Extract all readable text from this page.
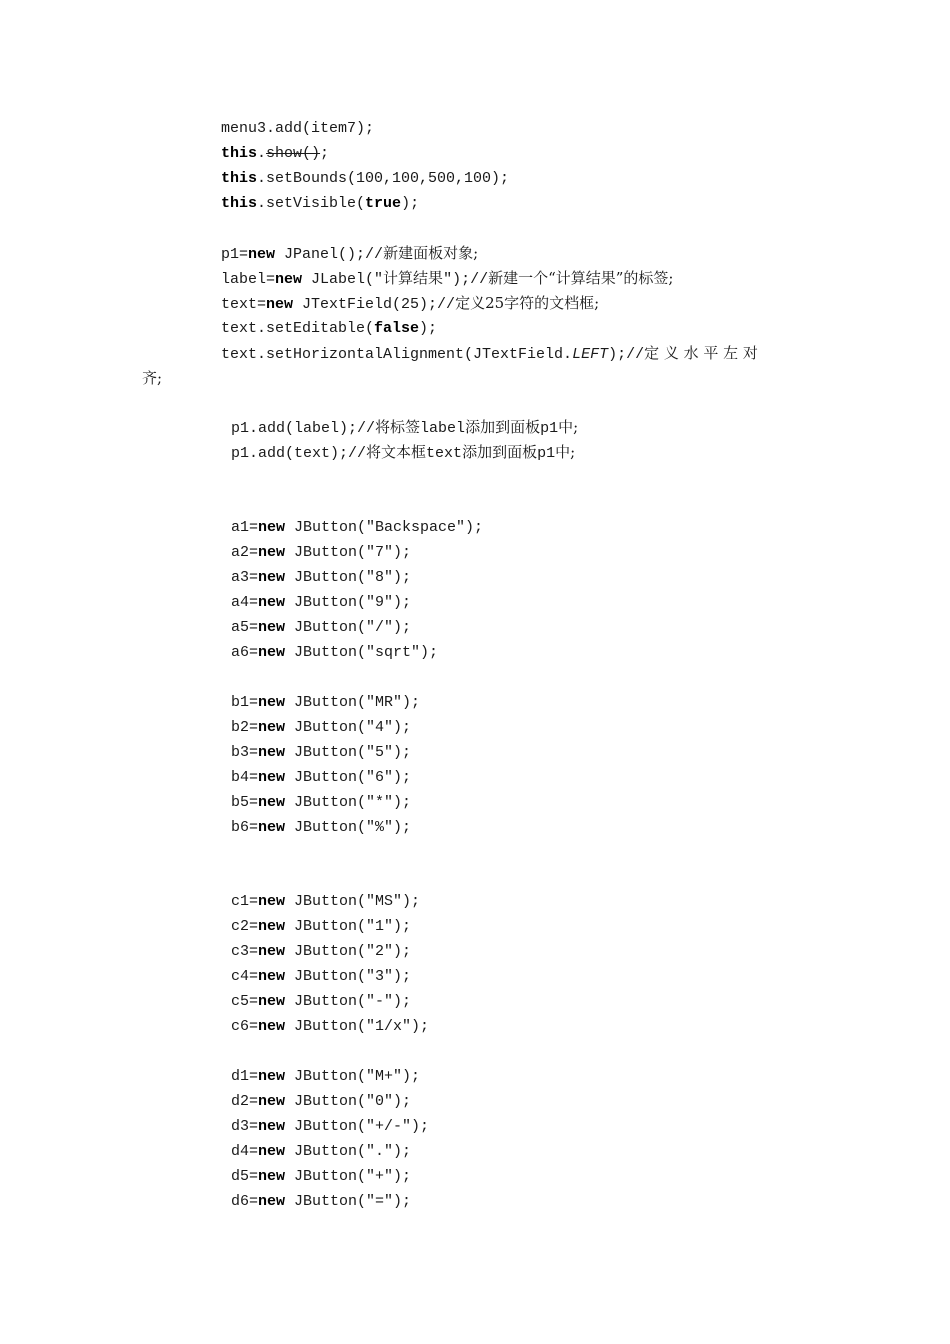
menu3.add(item7);
this.show();
this.setBounds(100,100,500,100);
this.setVisible(true);
p1=new JPanel();//新建面板对象;
label=new JLabel("计算结果");//新建一个“计算结果”的标签;
text=new JTextField(25);//定义25字符的文档框;
text.setEditable(false);
text.setHorizontalAlignment(JTextField.LEFT);//定 义 水 平 左 对
齐;
p1.add(label);//将标签label添加到面板p1中;
p1.add(text);//将文本框text添加到面板p1中;
a1=new JButton("Backspace");
a2=new JButton("7");
a3=new JButton("8");
a4=new JButton("9");
a5=new JButton("/");
a6=new JButton("sqrt");
b1=new JButton("MR");
b2=new JButton("4");
b3=new JButton("5");
b4=new JButton("6");
b5=new JButton("*");
b6=new JButton("%");
c1=new JButton("MS");
c2=new JButton("1");
c3=new JButton("2");
c4=new JButton("3");
c5=new JButton("-");
c6=new JButton("1/x");
d1=new JButton("M+");
d2=new JButton("0");
d3=new JButton("+/-");
d4=new JButton(".");
d5=new JButton("+");
d6=new JButton("=");
